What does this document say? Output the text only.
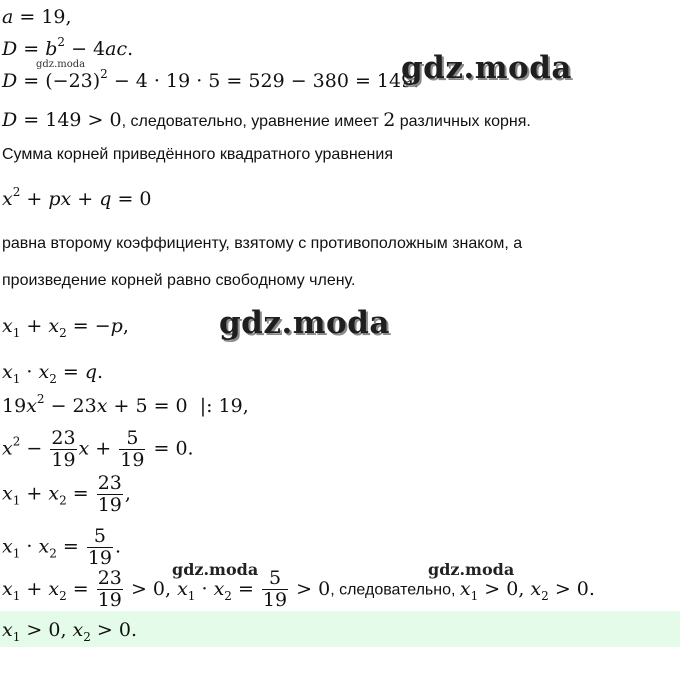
a = 19,
$D = b^2 - 4ac$.
$D = (-23)^2 - 4 \cdot 19 \cdot 5 = 529 - 380 = 149$.
D = 149 > 0, следовательно, уравнение имеет 2 различных корня.
Сумма корней приведённого квадратного уравнения
$x^2$ + px + q = 0
равна второму коэффициенту, взятому с противоположным знаком, а
произведение корней равно свободному члену.
$x_1 + x_2 = -p$,
$x_1 \cdot x_2 = q$.
$19x^2 - 23x + 5 = 0$  |: 19,
$x^2 - \frac{23}{19}$ $x + \frac{5}{19} = 0$.
$x_1 + x_2 = \frac{23}{19}$ ,
$x_1 \cdot x_2 = \frac{5}{19}$ .
$x_1 + x_2 = \frac{23}{19} > 0$, $x_1 \cdot x_2 = \frac{5}{19} > 0$, следовательно, $x_1 > 0$, $x_2 > 0$.
$x_1 > 0$, $x_2 > 0$.
gdz.moda
gdz.moda
gdz.moda
gdz.moda	gdz.moda
